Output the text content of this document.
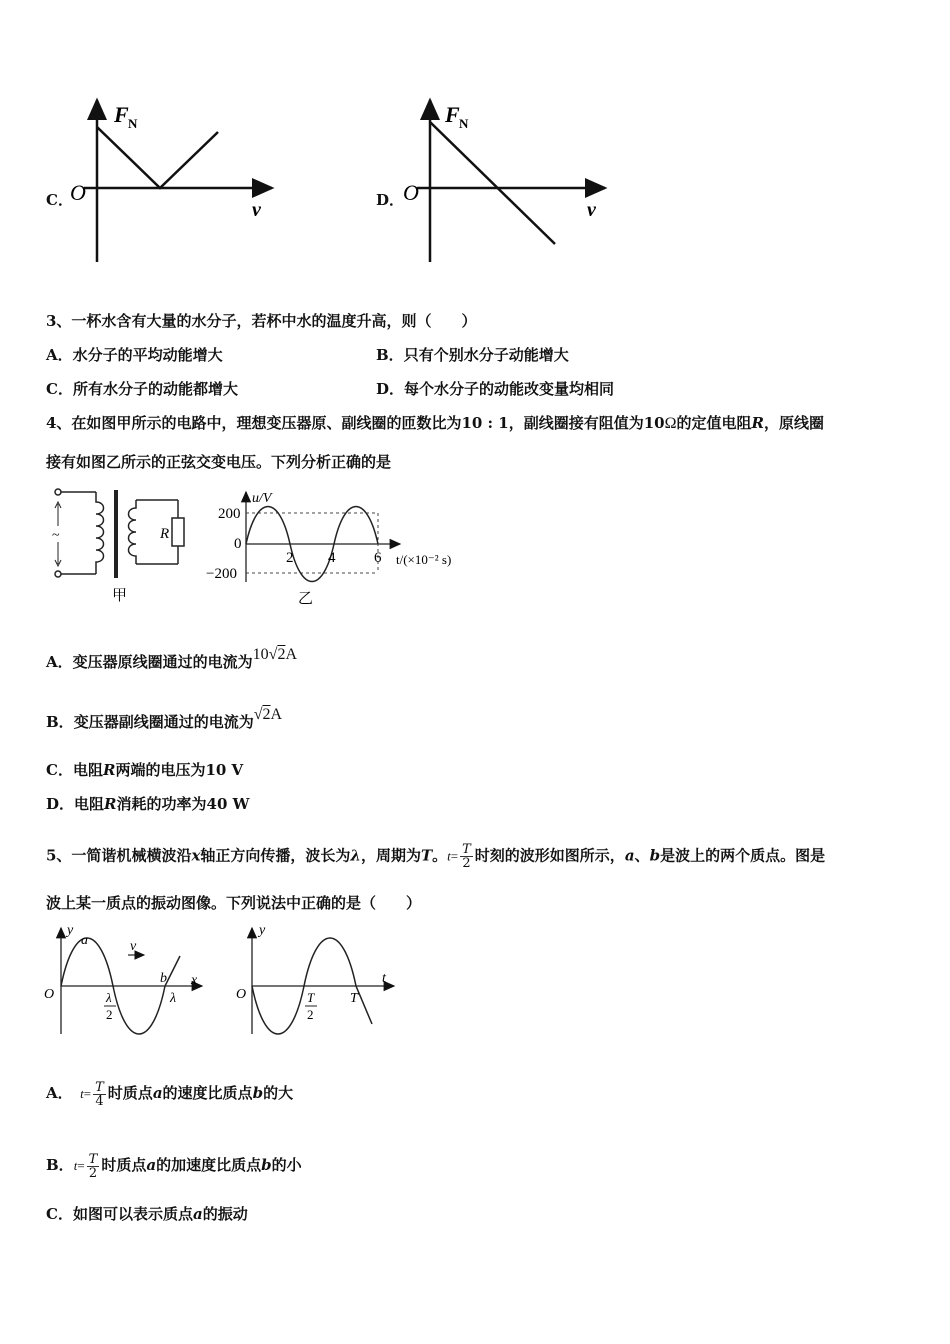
C．
F N
O
v	D．
F N
O
v
3、一杯水含有大量的水分子，若杯中水的温度升高，则（　　）
A．水分子的平均动能增大	B．只有个别水分子动能增大
C．所有水分子的动能都增大	D．每个水分子的动能改变量均相同
4、在如图甲所示的电路中，理想变压器原、副线圈的匝数比为10 : 1，副线圈接有阻值为10Ω的定值电阻R，原线圈
接有如图乙所示的正弦交变电压。下列分析正确的是
~	R
甲
u/V
200
0
−200
2 4	6 t/(×10⁻² s)
乙
A．变压器原线圈通过的电流为10√2A
B．变压器副线圈通过的电流为√2A
C．电阻R两端的电压为10 V
D．电阻R消耗的功率为40 W
5、一简谐机械横波沿x轴正方向传播，波长为λ，周期为T。$t= \frac{T}{2}$ 时刻的波形如图所示，a、b是波上的两个质点。图是
波上某一质点的振动图像。下列说法中正确的是（　　）
O
y
x
a
b
v
λ
λ
2
O
y
t
T
T
2
A．　 $t= \frac{T}{4}$ 时质点a的速度比质点b的大
B．$t= \frac{T}{2}$ 时质点a的加速度比质点b的小
C．如图可以表示质点a的振动
